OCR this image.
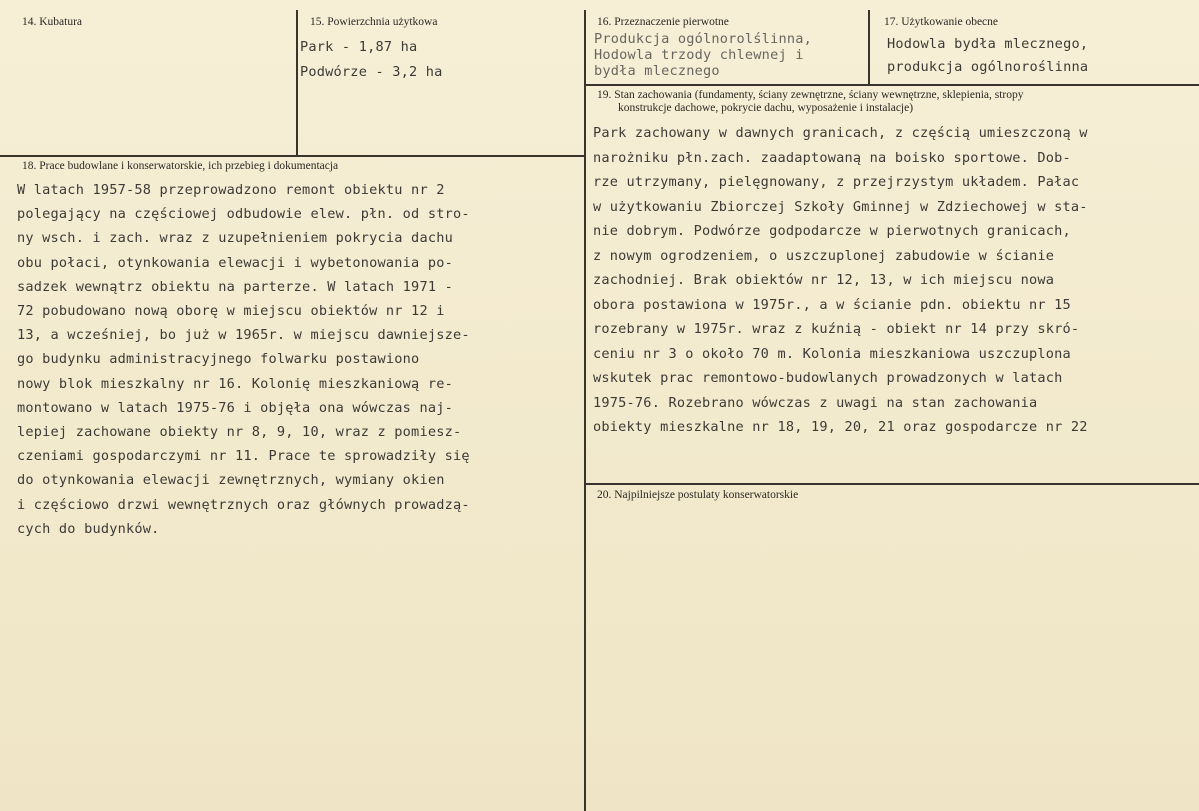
14. Kubatura	15. Powierzchnia użytkowa
Park - 1,87 ha
Podwórze - 3,2 ha
16. Przeznaczenie pierwotne
Produkcja ogólnorolślinna,
Hodowla trzody chlewnej i
bydła mlecznego
17. Użytkowanie obecne
Hodowla bydła mlecznego,
produkcja ogólnoroślinna
18. Prace budowlane i konserwatorskie, ich przebieg i dokumentacja
W latach 1957-58 przeprowadzono remont obiektu nr 2
polegający na częściowej odbudowie elew. płn. od stro-
ny wsch. i zach. wraz z uzupełnieniem pokrycia dachu
obu połaci, otynkowania elewacji i wybetonowania po-
sadzek wewnątrz obiektu na parterze. W latach 1971 -
72 pobudowano nową oborę w miejscu obiektów nr 12 i
13, a wcześniej, bo już w 1965r. w miejscu dawniejsze-
go budynku administracyjnego folwarku postawiono
nowy blok mieszkalny nr 16. Kolonię mieszkaniową re-
montowano w latach 1975-76 i objęła ona wówczas naj-
lepiej zachowane obiekty nr 8, 9, 10, wraz z pomiesz-
czeniami gospodarczymi nr 11. Prace te sprowadziły się
do otynkowania elewacji zewnętrznych, wymiany okien
i częściowo drzwi wewnętrznych oraz głównych prowadzą-
cych do budynków.
19. Stan zachowania (fundamenty, ściany zewnętrzne, ściany wewnętrzne, sklepienia, stropy
konstrukcje dachowe, pokrycie dachu, wyposażenie i instalacje)
Park zachowany w dawnych granicach, z częścią umieszczoną w
narożniku płn.zach. zaadaptowaną na boisko sportowe. Dob-
rze utrzymany, pielęgnowany, z przejrzystym układem. Pałac
w użytkowaniu Zbiorczej Szkoły Gminnej w Zdziechowej w sta-
nie dobrym. Podwórze godpodarcze w pierwotnych granicach,
z nowym ogrodzeniem, o uszczuplonej zabudowie w ścianie
zachodniej. Brak obiektów nr 12, 13, w ich miejscu nowa
obora postawiona w 1975r., a w ścianie pdn. obiektu nr 15
rozebrany w 1975r. wraz z kuźnią - obiekt nr 14 przy skró-
ceniu nr 3 o około 70 m. Kolonia mieszkaniowa uszczuplona
wskutek prac remontowo-budowlanych prowadzonych w latach
1975-76. Rozebrano wówczas z uwagi na stan zachowania
obiekty mieszkalne nr 18, 19, 20, 21 oraz gospodarcze nr 22
20. Najpilniejsze postulaty konserwatorskie
